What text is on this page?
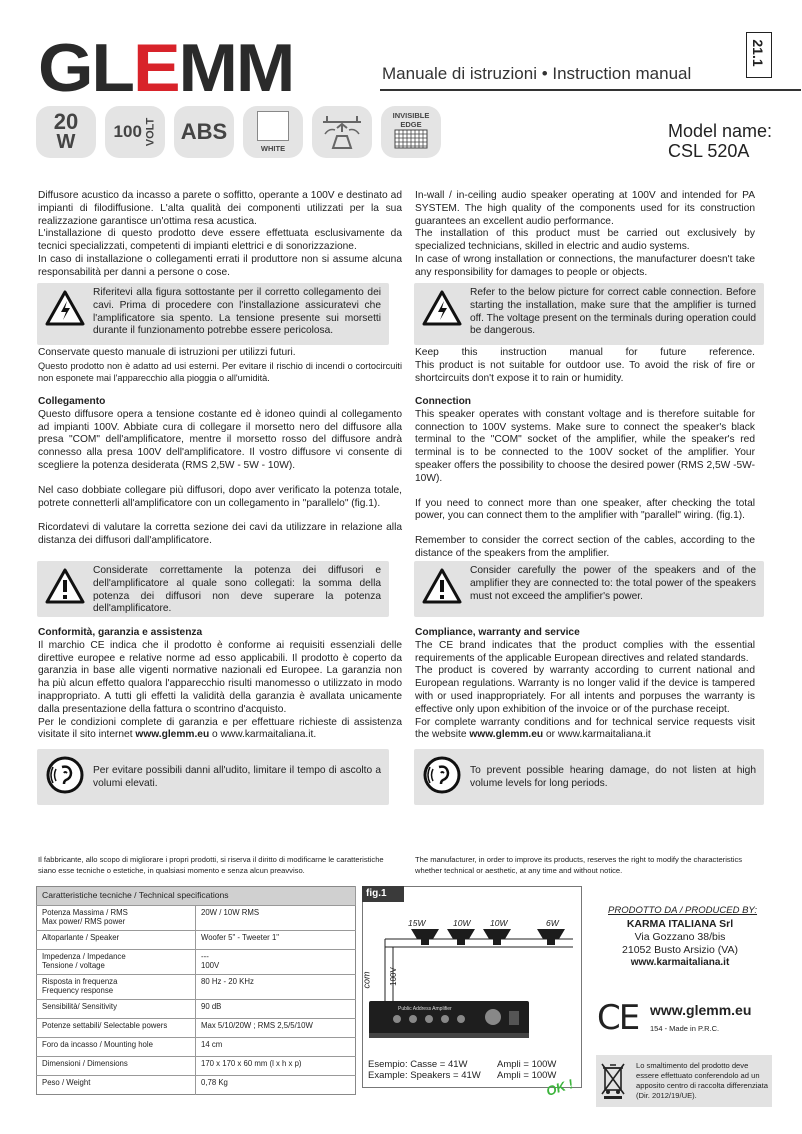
GLEMM	Manuale di istruzioni • Instruction manual
21.1
20
W 100 VOLT ABS
WHITE
INVISIBLE
EDGE	Model name:
CSL 520A

Diffusore acustico da incasso a parete o soffitto, operante a 100V e destinato ad impianti di filodiffusione. L'alta qualità dei componenti utilizzati per la sua realizzazione garantisce un'ottima resa acustica.

L'installazione di questo prodotto deve essere effettuata esclusivamente da tecnici specializzati, competenti di impianti elettrici e di sonorizzazione.

In caso di installazione o collegamenti errati il produttore non si assume alcuna responsabilità per danni a persone o cose.

Riferitevi alla figura sottostante per il corretto collegamento dei cavi. Prima di procedere con l'installazione assicuratevi che l'amplificatore sia spento. La tensione presente sui morsetti durante il funzionamento potrebbe essere pericolosa.

Conservate questo manuale di istruzioni per utilizzi futuri.

Questo prodotto non è adatto ad usi esterni. Per evitare il rischio di incendi o cortocircuiti non esponete mai l'apparecchio alla pioggia o all'umidità.

Collegamento

Questo diffusore opera a tensione costante ed è idoneo quindi al collegamento ad impianti 100V. Abbiate cura di collegare il morsetto nero del diffusore alla presa "COM" dell'amplificatore, mentre il morsetto rosso del diffusore andrà connesso alla presa 100V dell'amplificatore. Il vostro diffusore vi consente di scegliere la potenza desiderata (RMS 2,5W - 5W - 10W).

Nel caso dobbiate collegare più diffusori, dopo aver verificato la potenza totale, potrete connetterli all'amplificatore con un collegamento in "parallelo" (fig.1).

Ricordatevi di valutare la corretta sezione dei cavi da utilizzare in relazione alla distanza dei diffusori dall'amplificatore.

Considerate correttamente la potenza dei diffusori e dell'amplificatore al quale sono collegati: la somma della potenza dei diffusori non deve superare la potenza dell'amplificatore.
Conformità, garanzia e assistenza

Il marchio CE indica che il prodotto è conforme ai requisiti essenziali delle direttive europee e relative norme ad esso applicabili. Il prodotto è coperto da garanzia in base alle vigenti normative nazionali ed Europee. La garanzia non ha più alcun effetto qualora l'apparecchio risulti manomesso o utilizzato in modo inappropriato. A tutti gli effetti la validità della garanzia è avallata unicamente dalla presentazione della fattura o scontrino d'acquisto.

Per le condizioni complete di garanzia e per effettuare richieste di assistenza visitate il sito internet www.glemm.eu o www.karmaitaliana.it.

Per evitare possibili danni all'udito, limitare il tempo di ascolto a volumi elevati.
Il fabbricante, allo scopo di migliorare i propri prodotti, si riserva il diritto di modificarne le caratteristiche siano esse tecniche o estetiche, in qualsiasi momento e senza alcun preavviso.

In-wall / in-ceiling audio speaker operating at 100V and intended for PA SYSTEM. The high quality of the components used for its construction guarantees an excellent audio performance.

The installation of this product must be carried out exclusively by specialized technicians, skilled in electric and audio systems.

In case of wrong installation or connections, the manufacturer doesn't take any responsibility for damages to people or objects.

Refer to the below picture for correct cable connection. Before starting the installation, make sure that the amplifier is turned off. The voltage present on the terminals during operation could be dangerous.

Keep this instruction manual for future reference.

This product is not suitable for outdoor use. To avoid the risk of fire or shortcircuits don't expose it to rain or humidity.

Connection

This speaker operates with constant voltage and is therefore suitable for connection to 100V systems. Make sure to connect the speaker's black terminal to the "COM" socket of the amplifier, while the speaker's red terminal is to be connected to the 100V socket of the amplifier. Your speaker offers the possibility to choose the desired power (RMS 2,5W -5W- 10W).

If you need to connect more than one speaker, after checking the total power, you can connect them to the amplifier with "parallel" wiring. (fig.1).

Remember to consider the correct section of the cables, according to the distance of the speakers from the amplifier.

Consider carefully the power of the speakers and of the amplifier they are connected to: the total power of the speakers must not exceed the amplifier's power.
Compliance, warranty and service

The CE brand indicates that the product complies with the essential requirements of the applicable European directives and related standards.

The product is covered by warranty according to current national and European regulations. Warranty is no longer valid if the device is tampered with or used inappropriately. For all intents and porpuses the warranty is effective only upon exhibition of the invoice or of the purchase receipt.

For complete warranty conditions and for technical service requests visit the website www.glemm.eu or www.karmaitaliana.it

To prevent possible hearing damage, do not listen at high volume levels for long periods.
The manufacturer, in order to improve its products, reserves the right to modify the characteristics whether technical or aesthetic, at any time and without notice.
Caratteristiche tecniche / Technical specifications	
Potenza Massima / RMS
Max power/ RMS power	20W / 10W RMS
Altoparlante / Speaker	Woofer 5" - Tweeter 1"
Impedenza / Impedance
Tensione / voltage	---
100V
Risposta in frequenza
Frequency response	80 Hz - 20 KHz
Sensibilità/ Sensitivity	90 dB
Potenze settabili/ Selectable powers	Max 5/10/20W ; RMS 2,5/5/10W
Foro da incasso / Mounting hole	14 cm
Dimensioni / Dimensions	170 x 170 x 60 mm (l x h x p)
Peso / Weight	0,78 Kg
fig.1
15W	10W 10W	6W
com 100V
Public Address Amplifier
Esempio: Casse = 41W	Ampli = 100W
Example: Speakers = 41W Ampli = 100W
OK !
PRODOTTO DA / PRODUCED BY:
KARMA ITALIANA Srl
Via Gozzano 38/bis
21052 Busto Arsizio (VA)
www.karmaitaliana.it
CE www.glemm.eu
154 - Made in P.R.C.
Lo smaltimento del prodotto deve essere effettuato conferendolo ad un apposito centro di raccolta differenziata (Dir. 2012/19/UE).
